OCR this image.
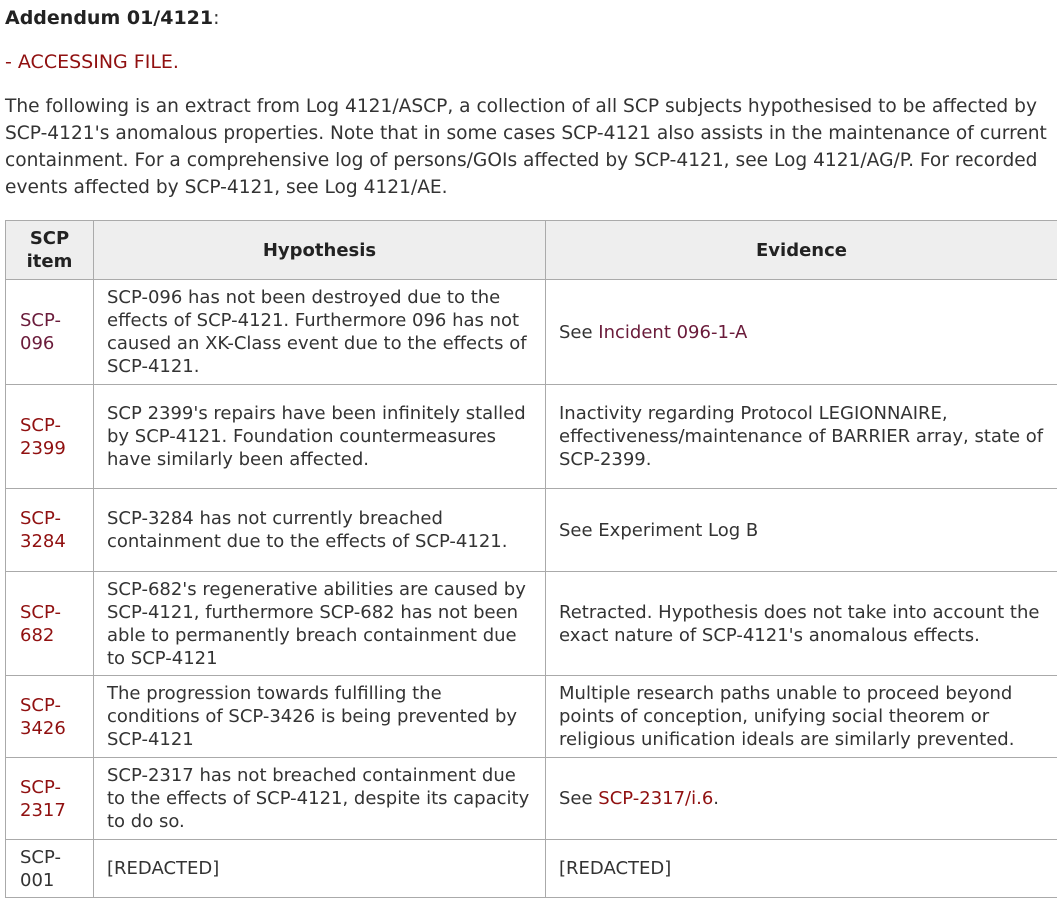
Addendum 01/4121:
- ACCESSING FILE.

The following is an extract from Log 4121/ASCP, a collection of all SCP subjects hypothesised to be affected by SCP-4121's anomalous properties. Note that in some cases SCP-4121 also assists in the maintenance of current containment. For a comprehensive log of persons/GOIs affected by SCP-4121, see Log 4121/AG/P. For recorded events affected by SCP-4121, see Log 4121/AE.

SCP item	Hypothesis	Evidence
SCP-096	SCP-096 has not been destroyed due to the effects of SCP-4121. Furthermore 096 has not caused an XK-Class event due to the effects of SCP-4121.	See Incident 096-1-A
SCP-2399	SCP 2399's repairs have been infinitely stalled by SCP-4121. Foundation countermeasures have similarly been affected.	Inactivity regarding Protocol LEGIONNAIRE, effectiveness/maintenance of BARRIER array, state of SCP-2399.
SCP-3284	SCP-3284 has not currently breached containment due to the effects of SCP-4121.	See Experiment Log B
SCP-682	SCP-682's regenerative abilities are caused by SCP-4121, furthermore SCP-682 has not been able to permanently breach containment due to SCP-4121	Retracted. Hypothesis does not take into account the exact nature of SCP-4121's anomalous effects.
SCP-3426	The progression towards fulfilling the conditions of SCP-3426 is being prevented by SCP-4121	Multiple research paths unable to proceed beyond points of conception, unifying social theorem or religious unification ideals are similarly prevented.
SCP-2317	SCP-2317 has not breached containment due to the effects of SCP-4121, despite its capacity to do so.	See SCP-2317/i.6.
SCP-001	[REDACTED]	[REDACTED]
